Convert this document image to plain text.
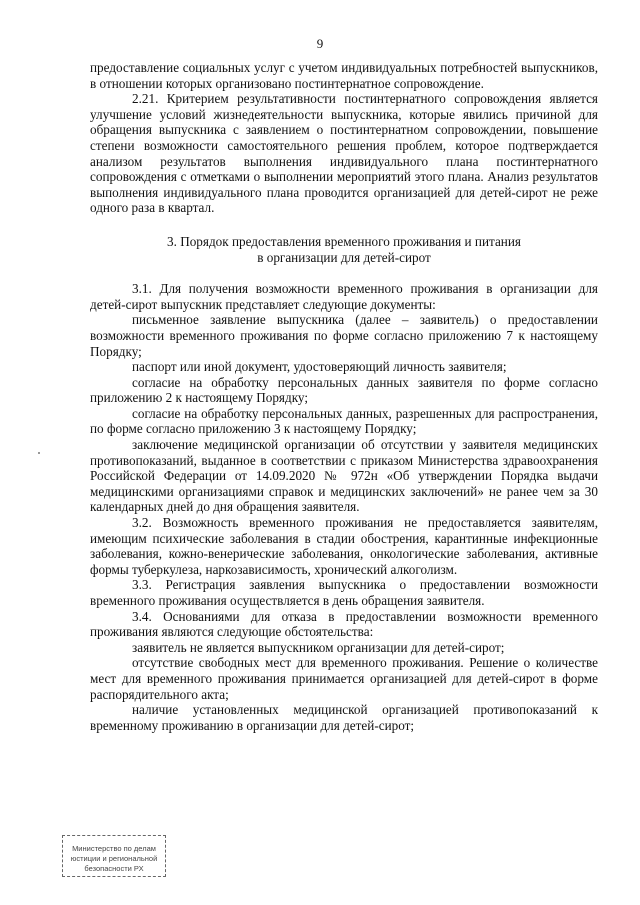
9

предоставление социальных услуг с учетом индивидуальных потребностей выпускников, в отношении которых организовано постинтернатное сопровождение.

2.21. Критерием результативности постинтернатного сопровождения является улучшение условий жизнедеятельности выпускника, которые явились причиной для обращения выпускника с заявлением о постинтернатном сопровождении, повышение степени возможности самостоятельного решения проблем, которое подтверждается анализом результатов выполнения индивидуального плана постинтернатного сопровождения с отметками о выполнении мероприятий этого плана. Анализ результатов выполнения индивидуального плана проводится организацией для детей-сирот не реже одного раза в квартал.

3. Порядок предоставления временного проживания и питания
в организации для детей-сирот

3.1. Для получения возможности временного проживания в организации для детей-сирот выпускник представляет следующие документы:

письменное заявление выпускника (далее – заявитель) о предоставлении возможности временного проживания по форме согласно приложению 7 к настоящему Порядку;

паспорт или иной документ, удостоверяющий личность заявителя;

согласие на обработку персональных данных заявителя по форме согласно приложению 2 к настоящему Порядку;

согласие на обработку персональных данных, разрешенных для распространения, по форме согласно приложению 3 к настоящему Порядку;

заключение медицинской организации об отсутствии у заявителя медицинских противопоказаний, выданное в соответствии с приказом Министерства здравоохранения Российской Федерации от 14.09.2020 № 972н «Об утверждении Порядка выдачи медицинскими организациями справок и медицинских заключений» не ранее чем за 30 календарных дней до дня обращения заявителя.

3.2. Возможность временного проживания не предоставляется заявителям, имеющим психические заболевания в стадии обострения, карантинные инфекционные заболевания, кожно-венерические заболевания, онкологические заболевания, активные формы туберкулеза, наркозависимость, хронический алкоголизм.

3.3. Регистрация заявления выпускника о предоставлении возможности временного проживания осуществляется в день обращения заявителя.

3.4. Основаниями для отказа в предоставлении возможности временного проживания являются следующие обстоятельства:

заявитель не является выпускником организации для детей-сирот;

отсутствие свободных мест для временного проживания. Решение о количестве мест для временного проживания принимается организацией для детей-сирот в форме распорядительного акта;

наличие установленных медицинской организацией противопоказаний к временному проживанию в организации для детей-сирот;

Министерство по делам
юстиции и региональной
безопасности РХ
